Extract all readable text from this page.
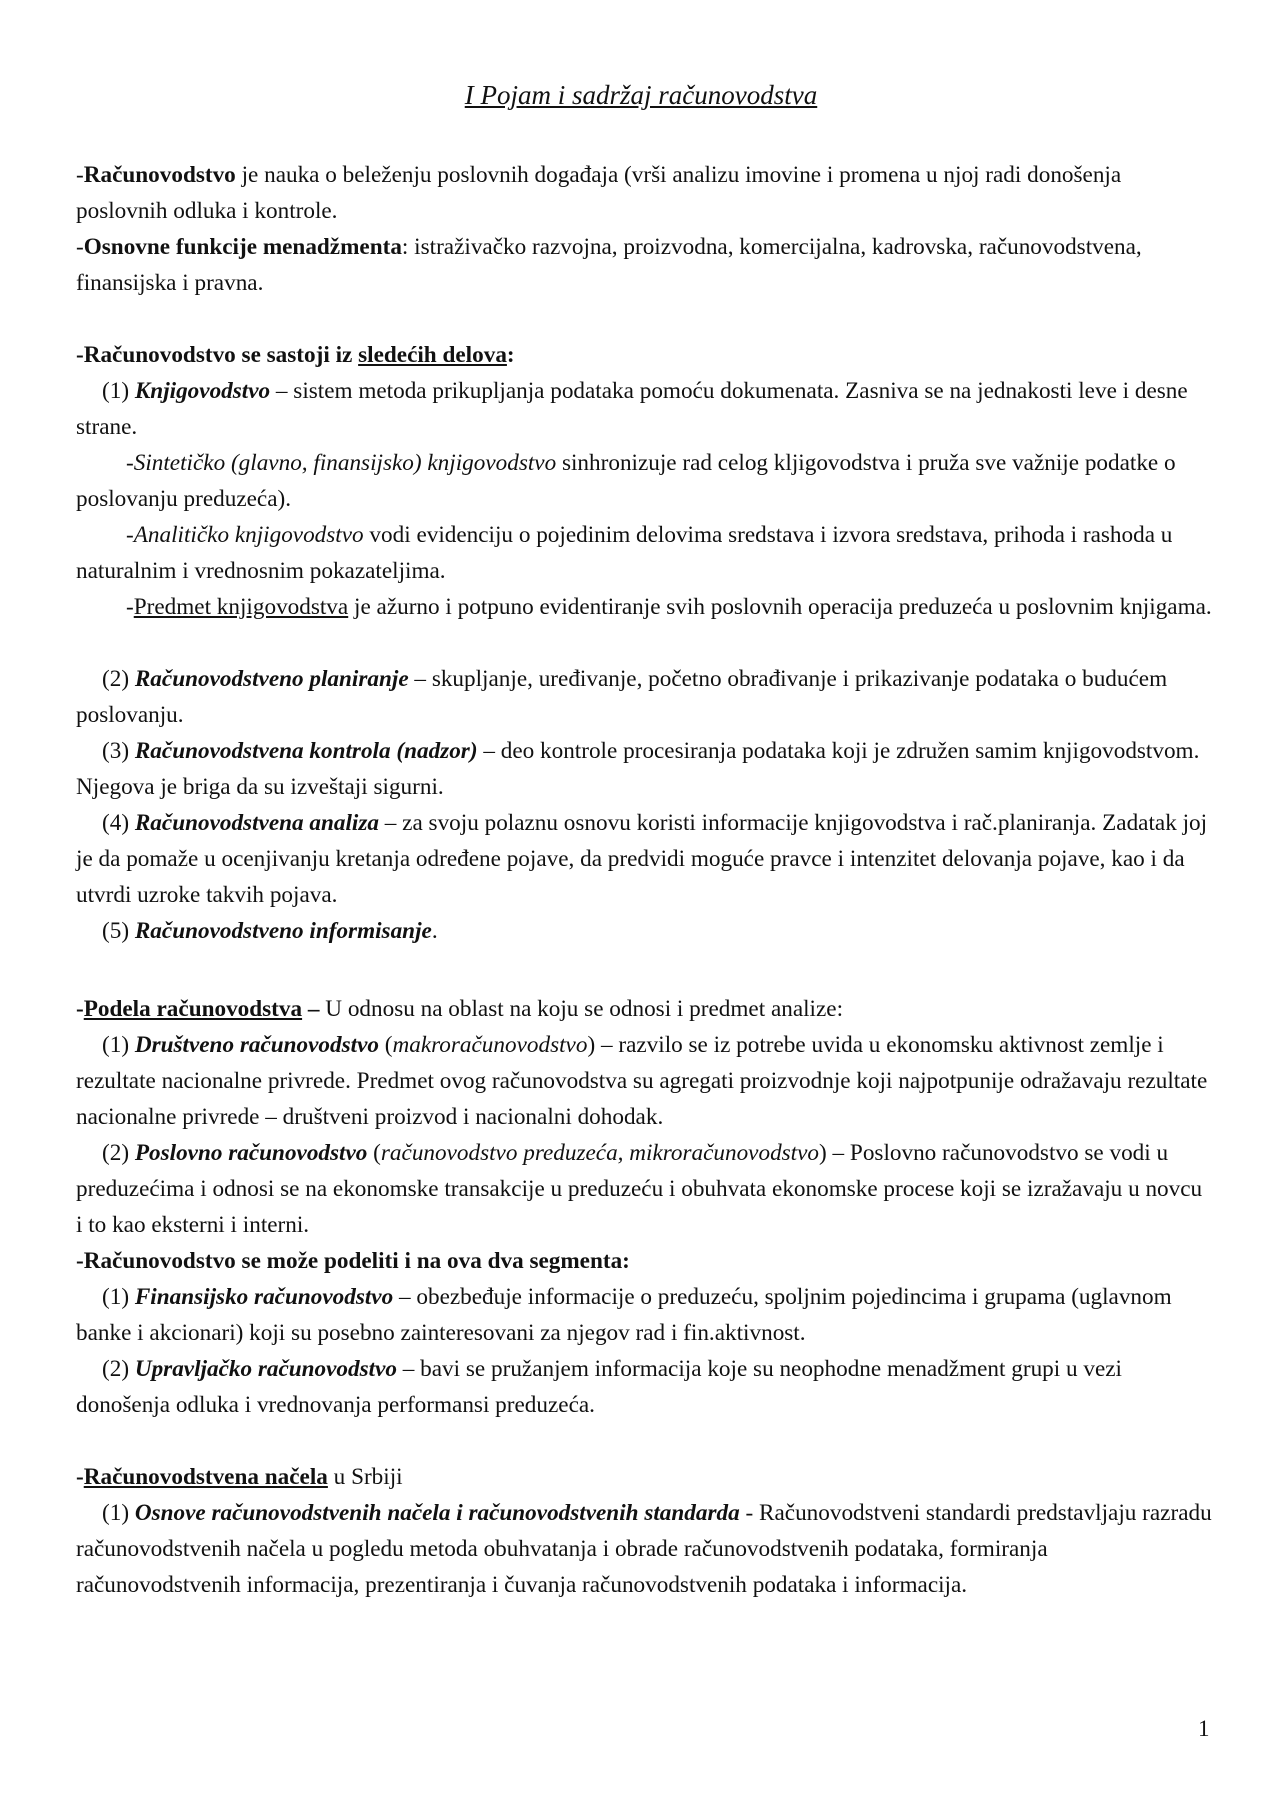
I Pojam i sadržaj računovodstva
-Računovodstvo je nauka o beleženju poslovnih događaja (vrši analizu imovine i promena u njoj radi donošenja poslovnih odluka i kontrole.
-Osnovne funkcije menadžmenta: istraživačko razvojna, proizvodna, komercijalna, kadrovska, računovodstvena, finansijska i pravna.
-Računovodstvo se sastoji iz sledećih delova:
(1) Knjigovodstvo – sistem metoda prikupljanja podataka pomoću dokumenata. Zasniva se na jednakosti leve i desne strane.
-Sintetičko (glavno, finansijsko) knjigovodstvo sinhronizuje rad celog kljigovodstva i pruža sve važnije podatke o poslovanju preduzeća).
-Analitičko knjigovodstvo vodi evidenciju o pojedinim delovima sredstava i izvora sredstava, prihoda i rashoda u naturalnim i vrednosnim pokazateljima.
-Predmet knjigovodstva je ažurno i potpuno evidentiranje svih poslovnih operacija preduzeća u poslovnim knjigama.
(2) Računovodstveno planiranje – skupljanje, uređivanje, početno obrađivanje i prikazivanje podataka o budućem poslovanju.
(3) Računovodstvena kontrola (nadzor) – deo kontrole procesiranja podataka koji je združen samim knjigovodstvom. Njegova je briga da su izveštaji sigurni.
(4) Računovodstvena analiza – za svoju polaznu osnovu koristi informacije knjigovodstva i rač.planiranja. Zadatak joj je da pomaže u ocenjivanju kretanja određene pojave, da predvidi moguće pravce i intenzitet delovanja pojave, kao i da utvrdi uzroke takvih pojava.
(5) Računovodstveno informisanje.
-Podela računovodstva – U odnosu na oblast na koju se odnosi i predmet analize:
(1) Društveno računovodstvo (makroračunovodstvo) – razvilo se iz potrebe uvida u ekonomsku aktivnost zemlje i rezultate nacionalne privrede. Predmet ovog računovodstva su agregati proizvodnje koji najpotpunije odražavaju rezultate nacionalne privrede – društveni proizvod i nacionalni dohodak.
(2) Poslovno računovodstvo (računovodstvo preduzeća, mikroračunovodstvo) – Poslovno računovodstvo se vodi u preduzećima i odnosi se na ekonomske transakcije u preduzeću i obuhvata ekonomske procese koji se izražavaju u novcu i to kao eksterni i interni.
-Računovodstvo se može podeliti i na ova dva segmenta:
(1) Finansijsko računovodstvo – obezbeđuje informacije o preduzeću, spoljnim pojedincima i grupama (uglavnom banke i akcionari) koji su posebno zainteresovani za njegov rad i fin.aktivnost.
(2) Upravljačko računovodstvo – bavi se pružanjem informacija koje su neophodne menadžment grupi u vezi donošenja odluka i vrednovanja performansi preduzeća.
-Računovodstvena načela u Srbiji
(1) Osnove računovodstvenih načela i računovodstvenih standarda - Računovodstveni standardi predstavljaju razradu računovodstvenih načela u pogledu metoda obuhvatanja i obrade računovodstvenih podataka, formiranja računovodstvenih informacija, prezentiranja i čuvanja računovodstvenih podataka i informacija.
1
